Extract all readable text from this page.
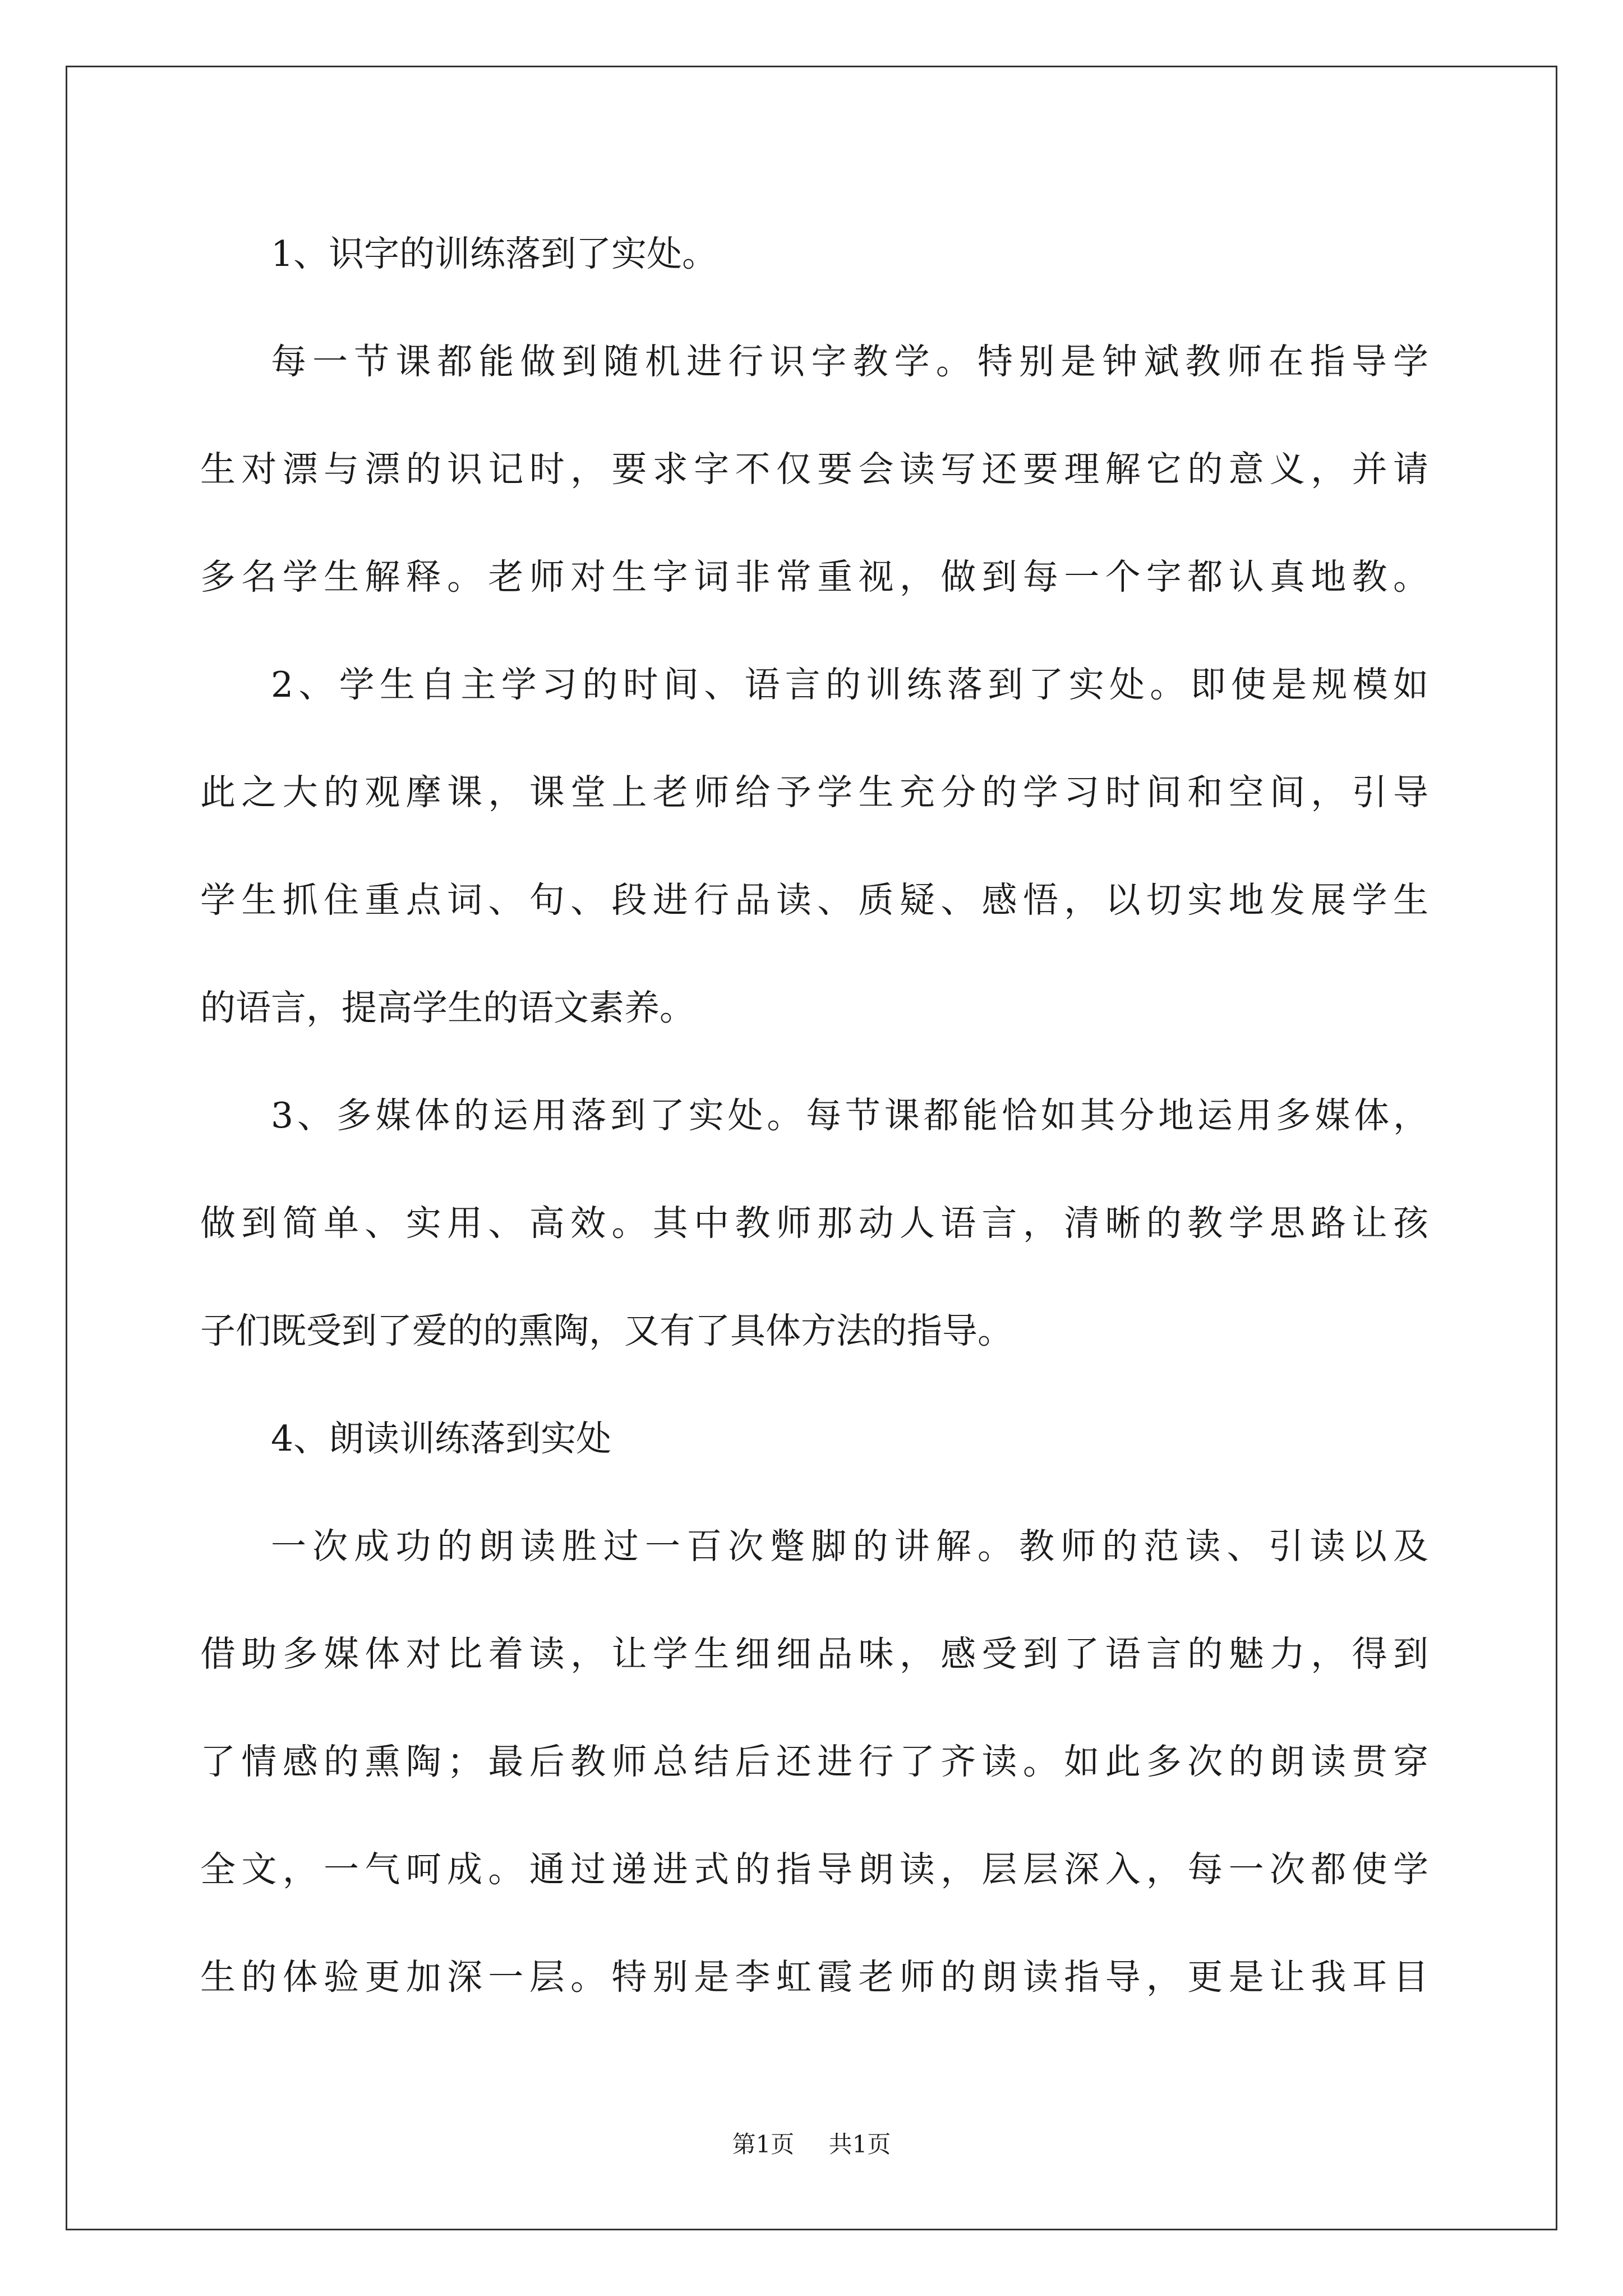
1、识字的训练落到了实处。
每一节课都能做到随机进行识字教学。特别是钟斌教师在指导学
生对漂与漂的识记时，要求字不仅要会读写还要理解它的意义，并请
多名学生解释。老师对生字词非常重视，做到每一个字都认真地教。
2、学生自主学习的时间、语言的训练落到了实处。即使是规模如
此之大的观摩课，课堂上老师给予学生充分的学习时间和空间，引导
学生抓住重点词、句、段进行品读、质疑、感悟，以切实地发展学生
的语言，提高学生的语文素养。
3、多媒体的运用落到了实处。每节课都能恰如其分地运用多媒体，
做到简单、实用、高效。其中教师那动人语言，清晰的教学思路让孩
子们既受到了爱的的熏陶，又有了具体方法的指导。
4、朗读训练落到实处
一次成功的朗读胜过一百次蹩脚的讲解。教师的范读、引读以及
借助多媒体对比着读，让学生细细品味，感受到了语言的魅力，得到
了情感的熏陶；最后教师总结后还进行了齐读。如此多次的朗读贯穿
全文，一气呵成。通过递进式的指导朗读，层层深入，每一次都使学
生的体验更加深一层。特别是李虹霞老师的朗读指导，更是让我耳目
第1页 共1页
